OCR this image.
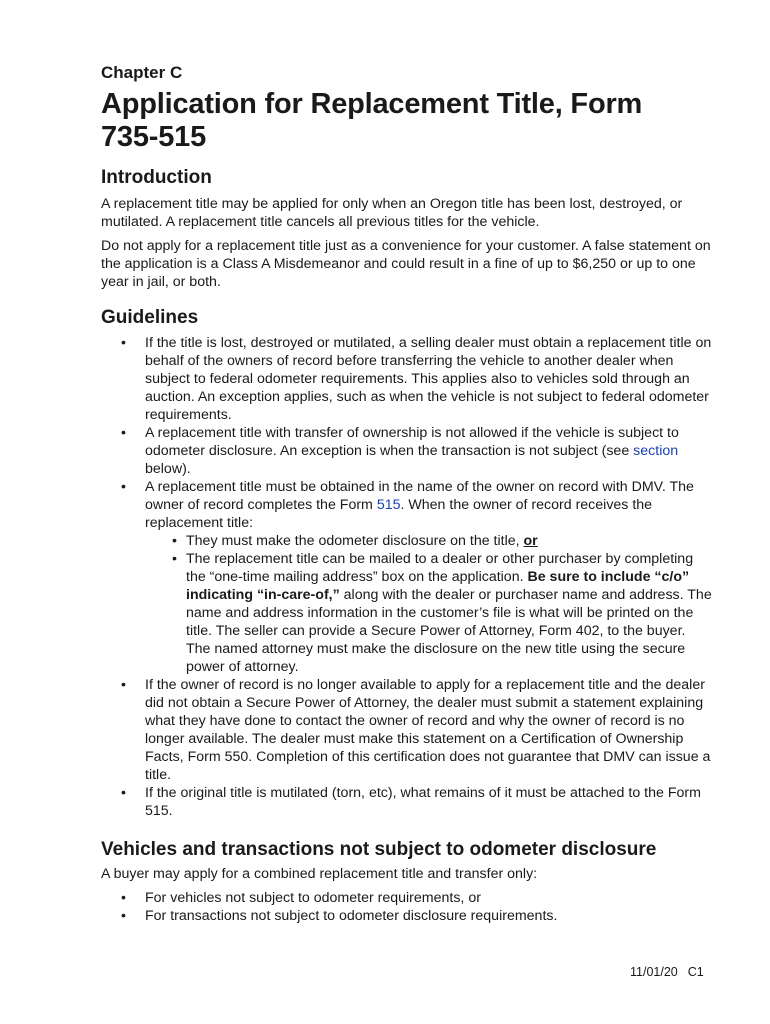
Chapter C
Application for Replacement Title, Form
735-515
Introduction

A replacement title may be applied for only when an Oregon title has been lost, destroyed, or mutilated. A replacement title cancels all previous titles for the vehicle.

Do not apply for a replacement title just as a convenience for your customer. A false statement on the application is a Class A Misdemeanor and could result in a fine of up to $6,250 or up to one year in jail, or both.

Guidelines
• If the title is lost, destroyed or mutilated, a selling dealer must obtain a replacement title on behalf of the owners of record before transferring the vehicle to another dealer when subject to federal odometer requirements. This applies also to vehicles sold through an auction. An exception applies, such as when the vehicle is not subject to federal odometer requirements.
• A replacement title with transfer of ownership is not allowed if the vehicle is subject to odometer disclosure. An exception is when the transaction is not subject (see section below).
• A replacement title must be obtained in the name of the owner on record with DMV. The owner of record completes the Form 515. When the owner of record receives the replacement title:
• They must make the odometer disclosure on the title, or
• The replacement title can be mailed to a dealer or other purchaser by completing the “one-time mailing address” box on the application. Be sure to include “c/o” indicating “in-care-of,” along with the dealer or purchaser name and address. The name and address information in the customer’s file is what will be printed on the title. The seller can provide a Secure Power of Attorney, Form 402, to the buyer. The named attorney must make the disclosure on the new title using the secure power of attorney.
• If the owner of record is no longer available to apply for a replacement title and the dealer did not obtain a Secure Power of Attorney, the dealer must submit a statement explaining what they have done to contact the owner of record and why the owner of record is no longer available. The dealer must make this statement on a Certification of Ownership Facts, Form 550. Completion of this certification does not guarantee that DMV can issue a title.
• If the original title is mutilated (torn, etc), what remains of it must be attached to the Form 515.
Vehicles and transactions not subject to odometer disclosure

A buyer may apply for a combined replacement title and transfer only:

• For vehicles not subject to odometer requirements, or
• For transactions not subject to odometer disclosure requirements.
11/01/20 C1
